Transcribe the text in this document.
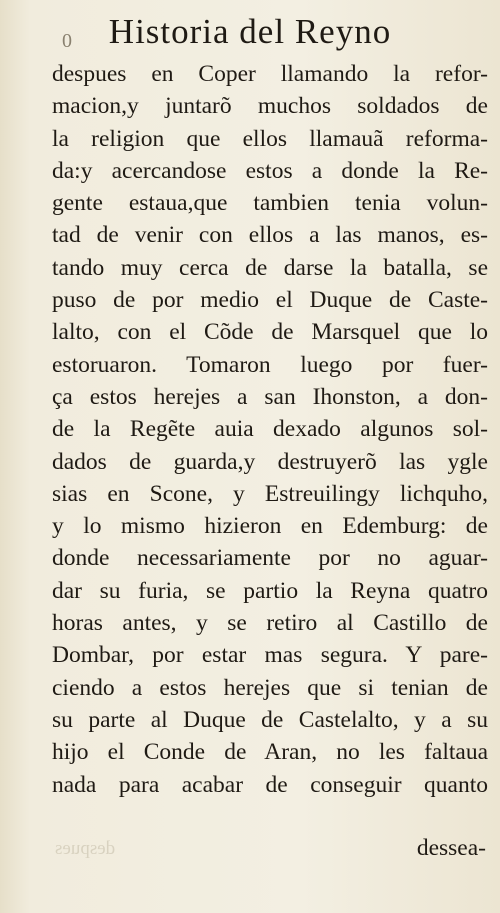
0	Historia del Reyno
despues en Coper llamando la refor-
macion,y juntarõ muchos soldados de
la religion que ellos llamauã reforma-
da:y acercandose estos a donde la Re-
gente estaua,que tambien tenia volun-
tad de venir con ellos a las manos, es-
tando muy cerca de darse la batalla, se
puso de por medio el Duque de Caste-
lalto, con el Cõde de Marsquel que lo
estoruaron. Tomaron luego por fuer-
ça estos herejes a san Ihonston, a don-
de la Regẽte auia dexado algunos sol-
dados de guarda,y destruyerõ las ygle
sias en Scone, y Estreuilingy lichquho,
y lo mismo hizieron en Edemburg: de
donde necessariamente por no aguar-
dar su furia, se partio la Reyna quatro
horas antes, y se retiro al Castillo de
Dombar, por estar mas segura. Y pare-
ciendo a estos herejes que si tenian de
su parte al Duque de Castelalto, y a su
hijo el Conde de Aran, no les faltaua
nada para acabar de conseguir quanto
despues	dessea-
